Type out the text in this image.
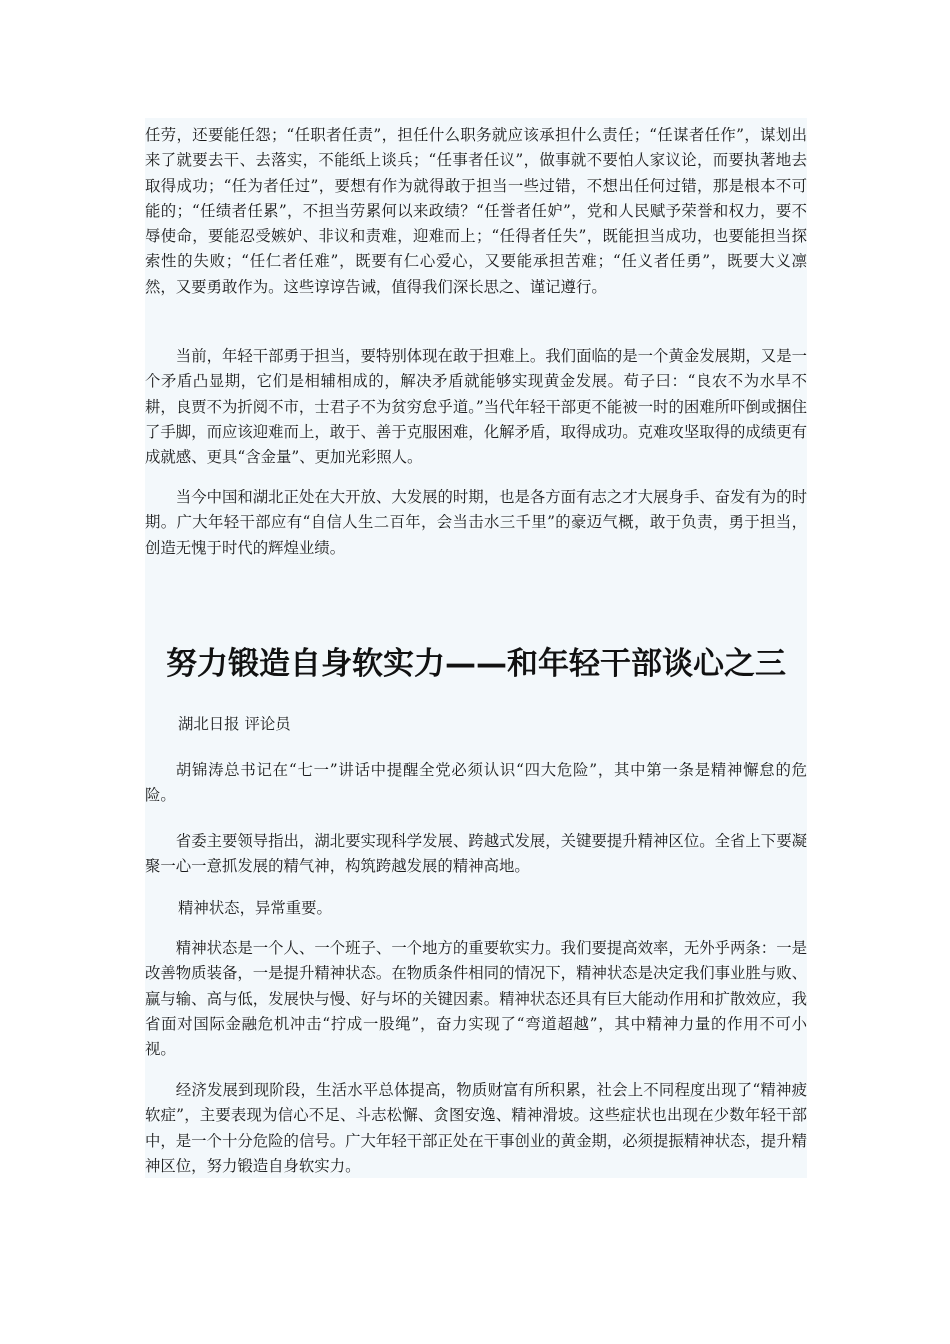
任劳，还要能任怨；“任职者任责”，担任什么职务就应该承担什么责任；“任谋者任作”，谋划出来了就要去干、去落实，不能纸上谈兵；“任事者任议”，做事就不要怕人家议论，而要执著地去取得成功；“任为者任过”，要想有作为就得敢于担当一些过错，不想出任何过错，那是根本不可能的；“任绩者任累”，不担当劳累何以来政绩？“任誉者任妒”，党和人民赋予荣誉和权力，要不辱使命，要能忍受嫉妒、非议和责难，迎难而上；“任得者任失”，既能担当成功，也要能担当探索性的失败；“任仁者任难”，既要有仁心爱心，又要能承担苦难；“任义者任勇”，既要大义凛然，又要勇敢作为。这些谆谆告诫，值得我们深长思之、谨记遵行。

当前，年轻干部勇于担当，要特别体现在敢于担难上。我们面临的是一个黄金发展期，又是一个矛盾凸显期，它们是相辅相成的，解决矛盾就能够实现黄金发展。荀子曰：“良农不为水旱不耕，良贾不为折阅不市，士君子不为贫穷怠乎道。”当代年轻干部更不能被一时的困难所吓倒或捆住了手脚，而应该迎难而上，敢于、善于克服困难，化解矛盾，取得成功。克难攻坚取得的成绩更有成就感、更具“含金量”、更加光彩照人。

当今中国和湖北正处在大开放、大发展的时期，也是各方面有志之才大展身手、奋发有为的时期。广大年轻干部应有“自信人生二百年，会当击水三千里”的豪迈气概，敢于负责，勇于担当，创造无愧于时代的辉煌业绩。

努力锻造自身软实力——和年轻干部谈心之三

湖北日报 评论员

胡锦涛总书记在“七一”讲话中提醒全党必须认识“四大危险”，其中第一条是精神懈怠的危险。

省委主要领导指出，湖北要实现科学发展、跨越式发展，关键要提升精神区位。全省上下要凝聚一心一意抓发展的精气神，构筑跨越发展的精神高地。

精神状态，异常重要。

精神状态是一个人、一个班子、一个地方的重要软实力。我们要提高效率，无外乎两条：一是改善物质装备，一是提升精神状态。在物质条件相同的情况下，精神状态是决定我们事业胜与败、赢与输、高与低，发展快与慢、好与坏的关键因素。精神状态还具有巨大能动作用和扩散效应，我省面对国际金融危机冲击“拧成一股绳”，奋力实现了“弯道超越”，其中精神力量的作用不可小视。

经济发展到现阶段，生活水平总体提高，物质财富有所积累，社会上不同程度出现了“精神疲软症”，主要表现为信心不足、斗志松懈、贪图安逸、精神滑坡。这些症状也出现在少数年轻干部中，是一个十分危险的信号。广大年轻干部正处在干事创业的黄金期，必须提振精神状态，提升精神区位，努力锻造自身软实力。
